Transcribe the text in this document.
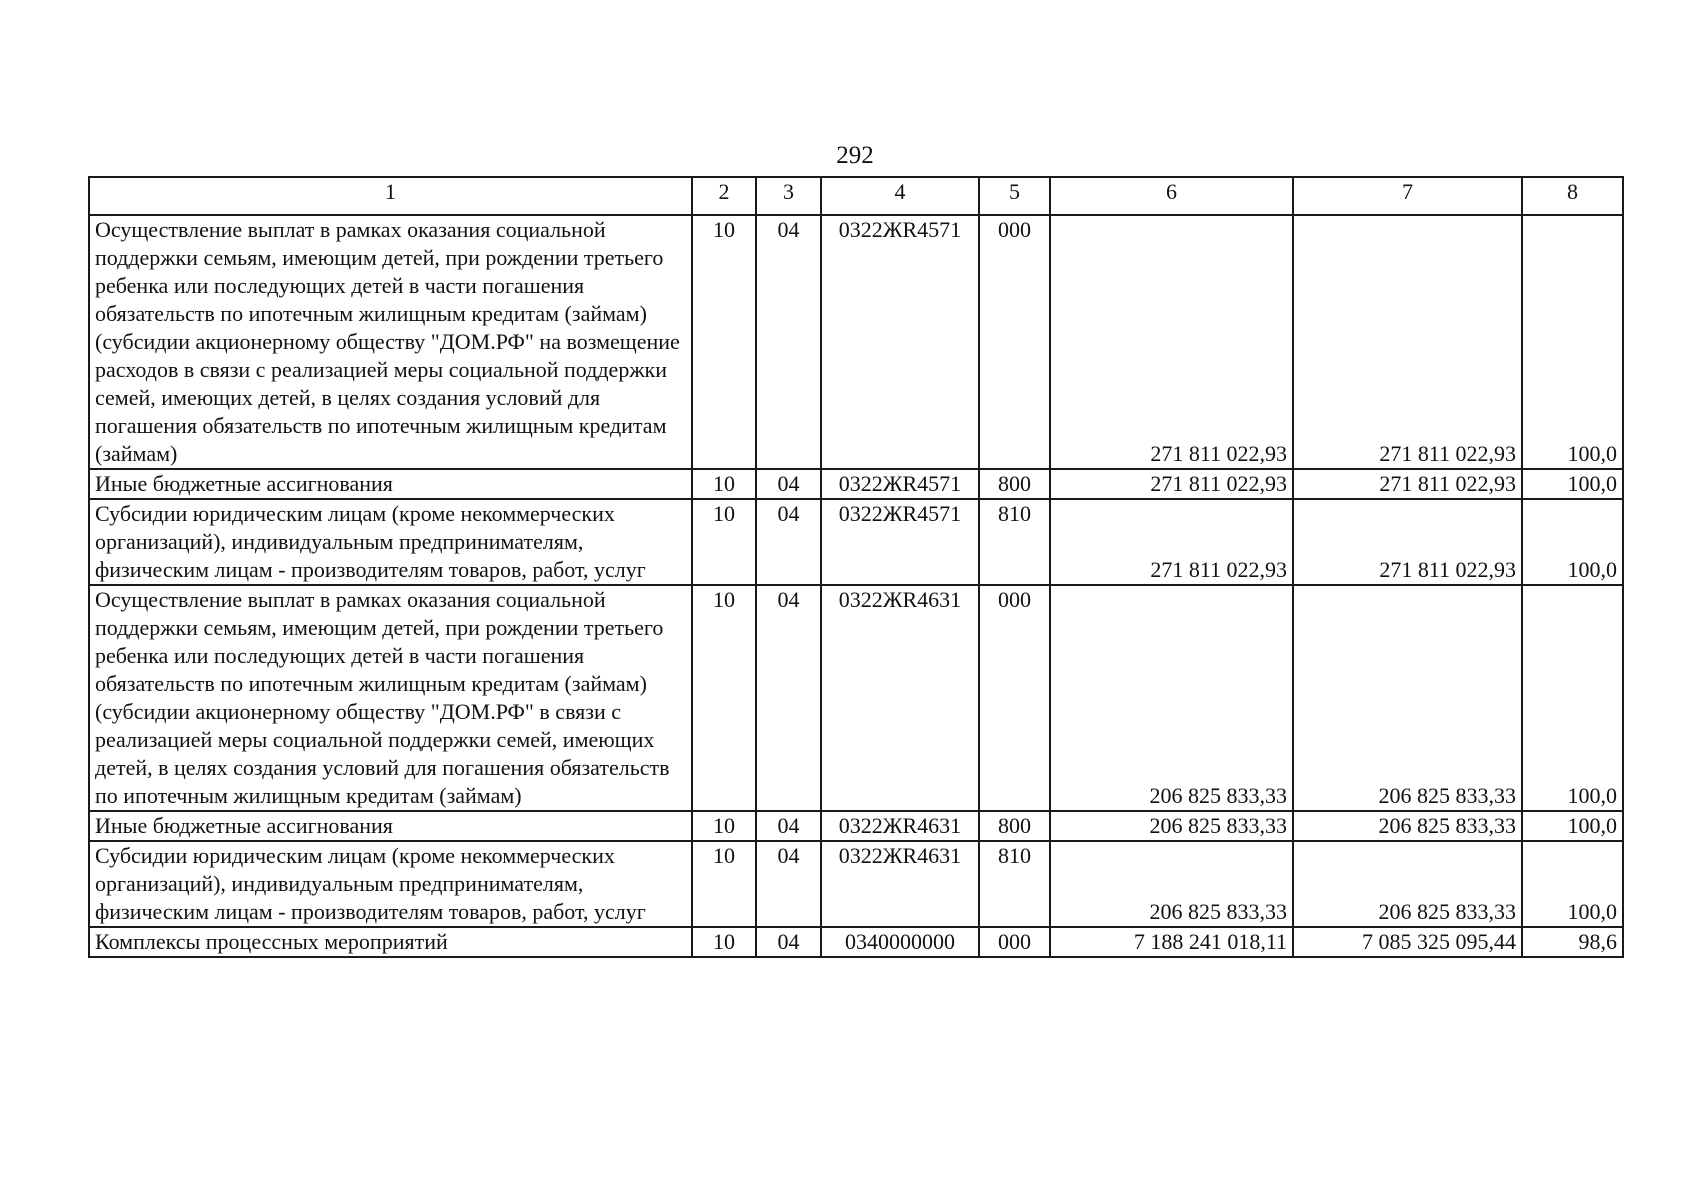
292
1	2	3	4	5	6	7	8
Осуществление выплат в рамках оказания социальной поддержки семьям, имеющим детей, при рождении третьего ребенка или последующих детей в части погашения обязательств по ипотечным жилищным кредитам (займам) (субсидии акционерному обществу "ДОМ.РФ" на возмещение расходов в связи с реализацией меры социальной поддержки семей, имеющих детей, в целях создания условий для погашения обязательств по ипотечным жилищным кредитам (займам)	10	04	0322ЖR4571	000	271 811 022,93	271 811 022,93	100,0
Иные бюджетные ассигнования	10	04	0322ЖR4571	800	271 811 022,93	271 811 022,93	100,0
Субсидии юридическим лицам (кроме некоммерческих организаций), индивидуальным предпринимателям, физическим лицам - производителям товаров, работ, услуг	10	04	0322ЖR4571	810	271 811 022,93	271 811 022,93	100,0
Осуществление выплат в рамках оказания социальной поддержки семьям, имеющим детей, при рождении третьего ребенка или последующих детей в части погашения обязательств по ипотечным жилищным кредитам (займам) (субсидии акционерному обществу "ДОМ.РФ" в связи с реализацией меры социальной поддержки семей, имеющих детей, в целях создания условий для погашения обязательств по ипотечным жилищным кредитам (займам)	10	04	0322ЖR4631	000	206 825 833,33	206 825 833,33	100,0
Иные бюджетные ассигнования	10	04	0322ЖR4631	800	206 825 833,33	206 825 833,33	100,0
Субсидии юридическим лицам (кроме некоммерческих организаций), индивидуальным предпринимателям, физическим лицам - производителям товаров, работ, услуг	10	04	0322ЖR4631	810	206 825 833,33	206 825 833,33	100,0
Комплексы процессных мероприятий	10	04	0340000000	000	7 188 241 018,11	7 085 325 095,44	98,6
